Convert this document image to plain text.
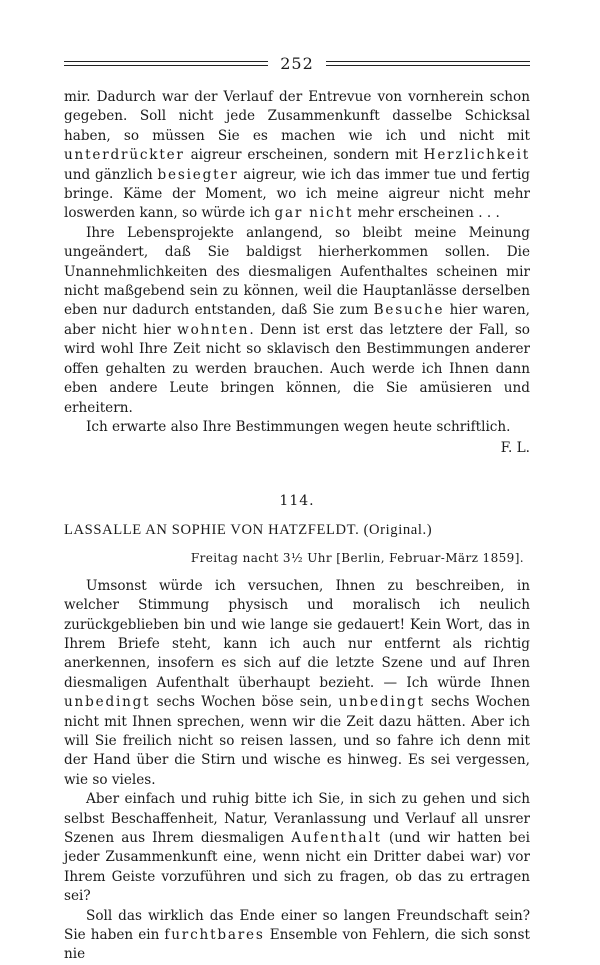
252

mir. Dadurch war der Verlauf der Entrevue von vornherein schon gegeben. Soll nicht jede Zusammenkunft dasselbe Schicksal haben, so müssen Sie es machen wie ich und nicht mit unterdrückter aigreur erscheinen, sondern mit Herzlichkeit und gänzlich besiegter aigreur, wie ich das immer tue und fertig bringe. Käme der Moment, wo ich meine aigreur nicht mehr loswerden kann, so würde ich gar nicht mehr erscheinen . . .

Ihre Lebensprojekte anlangend, so bleibt meine Meinung ungeändert, daß Sie baldigst hierherkommen sollen. Die Unannehmlichkeiten des diesmaligen Aufenthaltes scheinen mir nicht maßgebend sein zu können, weil die Hauptanlässe derselben eben nur dadurch entstanden, daß Sie zum Besuche hier waren, aber nicht hier wohnten. Denn ist erst das letztere der Fall, so wird wohl Ihre Zeit nicht so sklavisch den Bestimmungen anderer offen gehalten zu werden brauchen. Auch werde ich Ihnen dann eben andere Leute bringen können, die Sie amüsieren und erheitern.

Ich erwarte also Ihre Bestimmungen wegen heute schriftlich.

F. L.
114.
LASSALLE AN SOPHIE VON HATZFELDT. (Original.)
Freitag nacht 3½ Uhr [Berlin, Februar-März 1859].

Umsonst würde ich versuchen, Ihnen zu beschreiben, in welcher Stimmung physisch und moralisch ich neulich zurückgeblieben bin und wie lange sie gedauert! Kein Wort, das in Ihrem Briefe steht, kann ich auch nur entfernt als richtig anerkennen, insofern es sich auf die letzte Szene und auf Ihren diesmaligen Aufenthalt überhaupt bezieht. — Ich würde Ihnen unbedingt sechs Wochen böse sein, unbedingt sechs Wochen nicht mit Ihnen sprechen, wenn wir die Zeit dazu hätten. Aber ich will Sie freilich nicht so reisen lassen, und so fahre ich denn mit der Hand über die Stirn und wische es hinweg. Es sei vergessen, wie so vieles.

Aber einfach und ruhig bitte ich Sie, in sich zu gehen und sich selbst Beschaffenheit, Natur, Veranlassung und Verlauf all unsrer Szenen aus Ihrem diesmaligen Aufenthalt (und wir hatten bei jeder Zusammenkunft eine, wenn nicht ein Dritter dabei war) vor Ihrem Geiste vorzuführen und sich zu fragen, ob das zu ertragen sei?

Soll das wirklich das Ende einer so langen Freundschaft sein? Sie haben ein furchtbares Ensemble von Fehlern, die sich sonst nie
